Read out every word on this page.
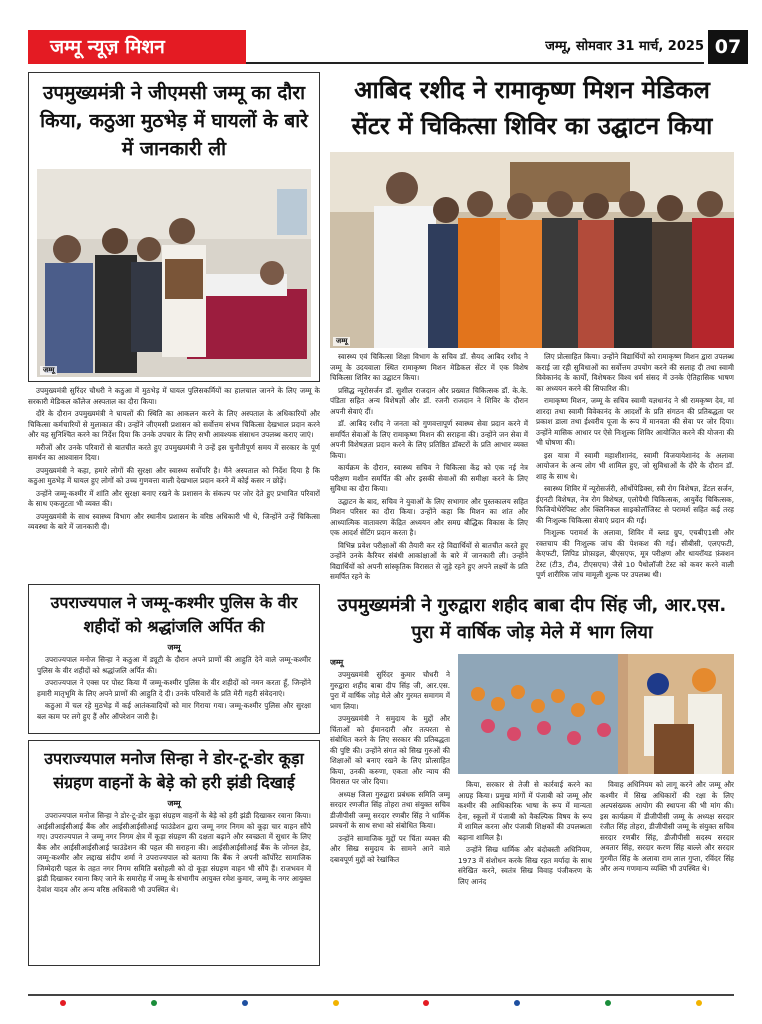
जम्मू न्यूज़ मिशन	जम्मू, सोमवार 31 मार्च, 2025 07
उपमुख्यमंत्री ने जीएमसी जम्मू का दौरा किया, कठुआ मुठभेड़ में घायलों के बारे में जानकारी ली
जम्मू

उपमुख्यमंत्री सुरिंदर चौधरी ने कठुआ में मुठभेड़ में घायल पुलिसकर्मियों का हालचाल जानने के लिए जम्मू के सरकारी मेडिकल कॉलेज अस्पताल का दौरा किया।

दौरे के दौरान उपमुख्यमंत्री ने घायलों की स्थिति का आकलन करने के लिए अस्पताल के अधिकारियों और चिकित्सा कर्मचारियों से मुलाकात की। उन्होंने जीएमसी प्रशासन को सर्वोत्तम संभव चिकित्सा देखभाल प्रदान करने और यह सुनिश्चित करने का निर्देश दिया कि उनके उपचार के लिए सभी आवश्यक संसाधन उपलब्ध कराए जाएं।

मरीजों और उनके परिवारों से बातचीत करते हुए उपमुख्यमंत्री ने उन्हें इस चुनौतीपूर्ण समय में सरकार के पूर्ण समर्थन का आश्वासन दिया।

उपमुख्यमंत्री ने कहा, हमारे लोगों की सुरक्षा और स्वास्थ्य सर्वोपरि है। मैंने अस्पताल को निर्देश दिया है कि कठुआ मुठभेड़ में घायल हुए लोगों को उच्च गुणवत्ता वाली देखभाल प्रदान करने में कोई कसर न छोड़ें।

उन्होंने जम्मू-कश्मीर में शांति और सुरक्षा बनाए रखने के प्रशासन के संकल्प पर जोर देते हुए प्रभावित परिवारों के साथ एकजुटता भी व्यक्त की।

उपमुख्यमंत्री के साथ स्वास्थ्य विभाग और स्थानीय प्रशासन के वरिष्ठ अधिकारी भी थे, जिन्होंने उन्हें चिकित्सा व्यवस्था के बारे में जानकारी दी।

उपराज्यपाल ने जम्मू-कश्मीर पुलिस के वीर शहीदों को श्रद्धांजलि अर्पित की
जम्मू

उपराज्यपाल मनोज सिन्हा ने कठुआ में ड्यूटी के दौरान अपने प्राणों की आहुति देने वाले जम्मू-कश्मीर पुलिस के वीर शहीदों को श्रद्धांजलि अर्पित की।

उपराज्यपाल ने एक्स पर पोस्ट किया मैं जम्मू-कश्मीर पुलिस के वीर शहीदों को नमन करता हूँ, जिन्होंने हमारी मातृभूमि के लिए अपने प्राणों की आहुति दे दी। उनके परिवारों के प्रति मेरी गहरी संवेदनाएं।

कठुआ में चल रहे मुठभेड़ में कई आतंकवादियों को मार गिराया गया। जम्मू-कश्मीर पुलिस और सुरक्षा बल काम पर लगे हुए हैं और ऑपरेशन जारी है।

उपराज्यपाल मनोज सिन्हा ने डोर-टू-डोर कूड़ा संग्रहण वाहनों के बेड़े को हरी झंडी दिखाई
जम्मू

उपराज्यपाल मनोज सिन्हा ने डोर-टू-डोर कूड़ा संग्रहण वाहनों के बेड़े को हरी झंडी दिखाकर रवाना किया। आईसीआईसीआई बैंक और आईसीआईसीआई फाउंडेशन द्वारा जम्मू नगर निगम को कूड़ा चार वाहन सौंपे गए। उपराज्यपाल ने जम्मू नगर निगम क्षेत्र में कूड़ा संग्रहण की दक्षता बढ़ाने और स्वच्छता में सुधार के लिए बैंक और आईसीआईसीआई फाउंडेशन की पहल की सराहना की। आईसीआईसीआई बैंक के जोनल हेड, जम्मू-कश्मीर और लद्दाख संदीप शर्मा ने उपराज्यपाल को बताया कि बैंक ने अपनी कॉर्पोरेट सामाजिक जिम्मेदारी पहल के तहत नगर निगम समिति बसोहली को दो कूड़ा संग्रहण वाहन भी सौंपे हैं। राजभवन में झंडी दिखाकर रवाना किए जाने के समारोह में जम्मू के संभागीय आयुक्त रमेश कुमार, जम्मू के नगर आयुक्त देवांश यादव और अन्य वरिष्ठ अधिकारी भी उपस्थित थे।

आबिद रशीद ने रामाकृष्ण मिशन मेडिकल सेंटर में चिकित्सा शिविर का उद्घाटन किया
जम्मू

स्वास्थ्य एवं चिकित्सा शिक्षा विभाग के सचिव डॉ. सैयद आबिद रशीद ने जम्मू के उदयवाला स्थित रामाकृष्ण मिशन मेडिकल सेंटर में एक विशेष चिकित्सा शिविर का उद्घाटन किया।

प्रसिद्ध न्यूरोसर्जन डॉ. सुशील राजदान और प्रख्यात चिकित्सक डॉ. के.के. पंडिता सहित अन्य विशेषज्ञों और डॉ. रजनी राजदान ने शिविर के दौरान अपनी सेवाएं दीं।

डॉ. आबिद रशीद ने जनता को गुणवत्तापूर्ण स्वास्थ्य सेवा प्रदान करने में समर्पित सेवाओं के लिए रामाकृष्ण मिशन की सराहना की। उन्होंने जन सेवा में अपनी विशेषज्ञता प्रदान करने के लिए प्रतिष्ठित डॉक्टरों के प्रति आभार व्यक्त किया।

कार्यक्रम के दौरान, स्वास्थ्य सचिव ने चिकित्सा केंद्र को एक नई नेत्र परीक्षण मशीन समर्पित की और इसकी सेवाओं की समीक्षा करने के लिए सुविधा का दौरा किया।

उद्घाटन के बाद, सचिव ने युवाओं के लिए सभागार और पुस्तकालय सहित मिशन परिसर का दौरा किया। उन्होंने कहा कि मिशन का शांत और आध्यात्मिक वातावरण केंद्रित अध्ययन और समग्र बौद्धिक विकास के लिए एक आदर्श सेटिंग प्रदान करता है।

विभिन्न प्रवेश परीक्षाओं की तैयारी कर रहे विद्यार्थियों से बातचीत करते हुए उन्होंने उनके कैरियर संबंधी आकांक्षाओं के बारे में जानकारी ली। उन्होंने विद्यार्थियों को अपनी सांस्कृतिक विरासत से जुड़े रहने हुए अपने लक्ष्यों के प्रति समर्पित रहने के

लिए प्रोत्साहित किया। उन्होंने विद्यार्थियों को रामाकृष्ण मिशन द्वारा उपलब्ध कराई जा रही सुविधाओं का सर्वोत्तम उपयोग करने की सलाह दी तथा स्वामी विवेकानंद के कार्यों, विशेषकर विश्व धर्म संसद में उनके ऐतिहासिक भाषण का अध्ययन करने की सिफारिश की।

रामाकृष्ण मिशन, जम्मू के सचिव स्वामी यज्ञधानंद ने श्री रामकृष्ण देव, मां शारदा तथा स्वामी विवेकानंद के आदर्शों के प्रति संगठन की प्रतिबद्धता पर प्रकाश डाला तथा ईश्वरीय पूजा के रूप में मानवता की सेवा पर जोर दिया। उन्होंने मासिक आधार पर ऐसे निःशुल्क शिविर आयोजित करने की योजना की भी घोषणा की।

इस यात्रा में स्वामी महाशीशानंद, स्वामी विजयायेशानंद के अलावा आयोजन के अन्य लोग भी शामिल हुए, जो सुविधाओं के दौरे के दौरान डॉ. शाह के साथ थे।

स्वास्थ्य शिविर में न्यूरोसर्जरी, ऑर्थोपेडिक्स, स्त्री रोग विशेषज्ञ, डेंटल सर्जन, ईएनटी विशेषज्ञ, नेत्र रोग विशेषज्ञ, एलोपैथी चिकित्सक, आयुर्वेद चिकित्सक, फिजियोथेरेपिस्ट और क्लिनिकल साइकोलॉजिस्ट से परामर्श सहित कई तरह की निःशुल्क चिकित्सा सेवाएं प्रदान की गईं।

निःशुल्क परामर्श के अलावा, शिविर में ब्लड ग्रुप, एचबीए1सी और रक्तचाप की निःशुल्क जांच की पेशकश की गई। सीबीसी, एलएफटी, केएफटी, लिपिड प्रोफ़ाइल, बीएसएफ, मूत्र परीक्षण और थायरॉयड फ़ंक्शन टेस्ट (टी3, टी4, टीएसएच) जैसे 10 पैथोलॉजी टेस्ट को कवर करने वाली पूर्ण शारीरिक जांच मामूली शुल्क पर उपलब्ध थी।

उपमुख्यमंत्री ने गुरुद्वारा शहीद बाबा दीप सिंह जी, आर.एस. पुरा में वार्षिक जोड़ मेले में भाग लिया
जम्मू

उपमुख्यमंत्री सुरिंदर कुमार चौधरी ने गुरुद्वारा शहीद बाबा दीप सिंह जी, आर.एस. पुरा में वार्षिक जोड़ मेले और गुरमत समागम में भाग लिया।

उपमुख्यमंत्री ने समुदाय के मुद्दों और चिंताओं को ईमानदारी और तत्परता से संबोधित करने के लिए सरकार की प्रतिबद्धता की पुष्टि की। उन्होंने संगत को सिख गुरुओं की शिक्षाओं को बनाए रखने के लिए प्रोत्साहित किया, उनकी करुणा, एकता और न्याय की विरासत पर जोर दिया।

अध्यक्ष जिला गुरुद्वारा प्रबंधक समिति जम्मू सरदार रणजीत सिंह तोहरा तथा संयुक्त सचिव डीजीपीसी जम्मू सरदार रणबीर सिंह ने धार्मिक प्रवचनों के साथ सभा को संबोधित किया।

उन्होंने सामाजिक मुद्दों पर चिंता व्यक्त की और सिख समुदाय के सामने आने वाले दबावपूर्ण मुद्दों को रेखांकित

किया, सरकार से तेजी से कार्रवाई करने का आग्रह किया। प्रमुख मांगों में पंजाबी को जम्मू और कश्मीर की आधिकारिक भाषा के रूप में मान्यता देना, स्कूलों में पंजाबी को वैकल्पिक विषय के रूप में शामिल करना और पंजाबी शिक्षकों की उपलब्धता बढ़ाना शामिल है।

उन्होंने सिख धार्मिक और बंदोबस्ती अधिनियम, 1973 में संशोधन करके सिख रहत मर्यादा के साथ संरेखित करने, स्वतंत्र सिख विवाह पंजीकरण के लिए आनंद

विवाह अधिनियम को लागू करने और जम्मू और कश्मीर में सिख अधिकारों की रक्षा के लिए अल्पसंख्यक आयोग की स्थापना की भी मांग की। इस कार्यक्रम में डीजीपीसी जम्मू के अध्यक्ष सरदार रंजीत सिंह तोहरा, डीजीपीसी जम्मू के संयुक्त सचिव सरदार रणबीर सिंह, डीजीपीसी सदस्य सरदार अवतार सिंह, सरदार करण सिंह बाल्ले और सरदार गुरमीत सिंह के अलावा राम लाल गुप्ता, रविंदर सिंह और अन्य गणमान्य व्यक्ति भी उपस्थित थे।
